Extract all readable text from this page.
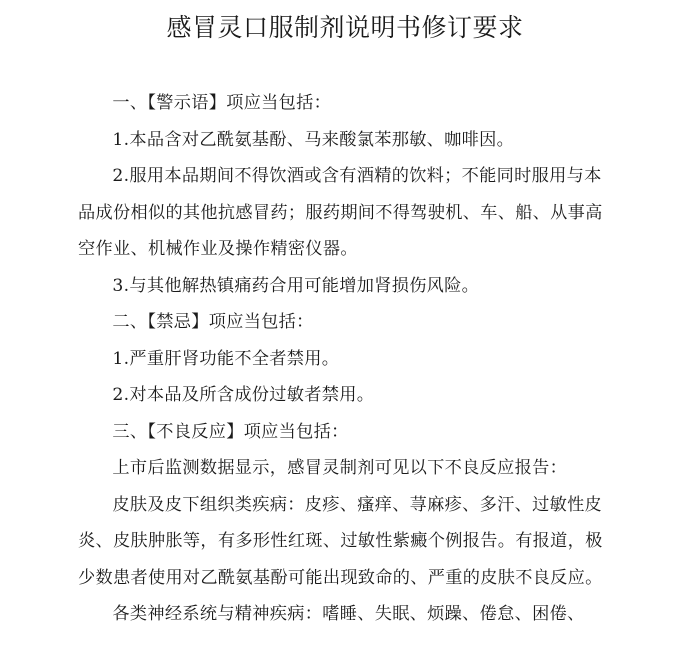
感冒灵口服制剂说明书修订要求

一、【警示语】项应当包括：

1.本品含对乙酰氨基酚、马来酸氯苯那敏、咖啡因。

2.服用本品期间不得饮酒或含有酒精的饮料；不能同时服用与本品成份相似的其他抗感冒药；服药期间不得驾驶机、车、船、从事高空作业、机械作业及操作精密仪器。

3.与其他解热镇痛药合用可能增加肾损伤风险。

二、【禁忌】项应当包括：

1.严重肝肾功能不全者禁用。

2.对本品及所含成份过敏者禁用。

三、【不良反应】项应当包括：

上市后监测数据显示，感冒灵制剂可见以下不良反应报告：

皮肤及皮下组织类疾病：皮疹、瘙痒、荨麻疹、多汗、过敏性皮炎、皮肤肿胀等，有多形性红斑、过敏性紫癜个例报告。有报道，极少数患者使用对乙酰氨基酚可能出现致命的、严重的皮肤不良反应。

各类神经系统与精神疾病：嗜睡、失眠、烦躁、倦怠、困倦、
